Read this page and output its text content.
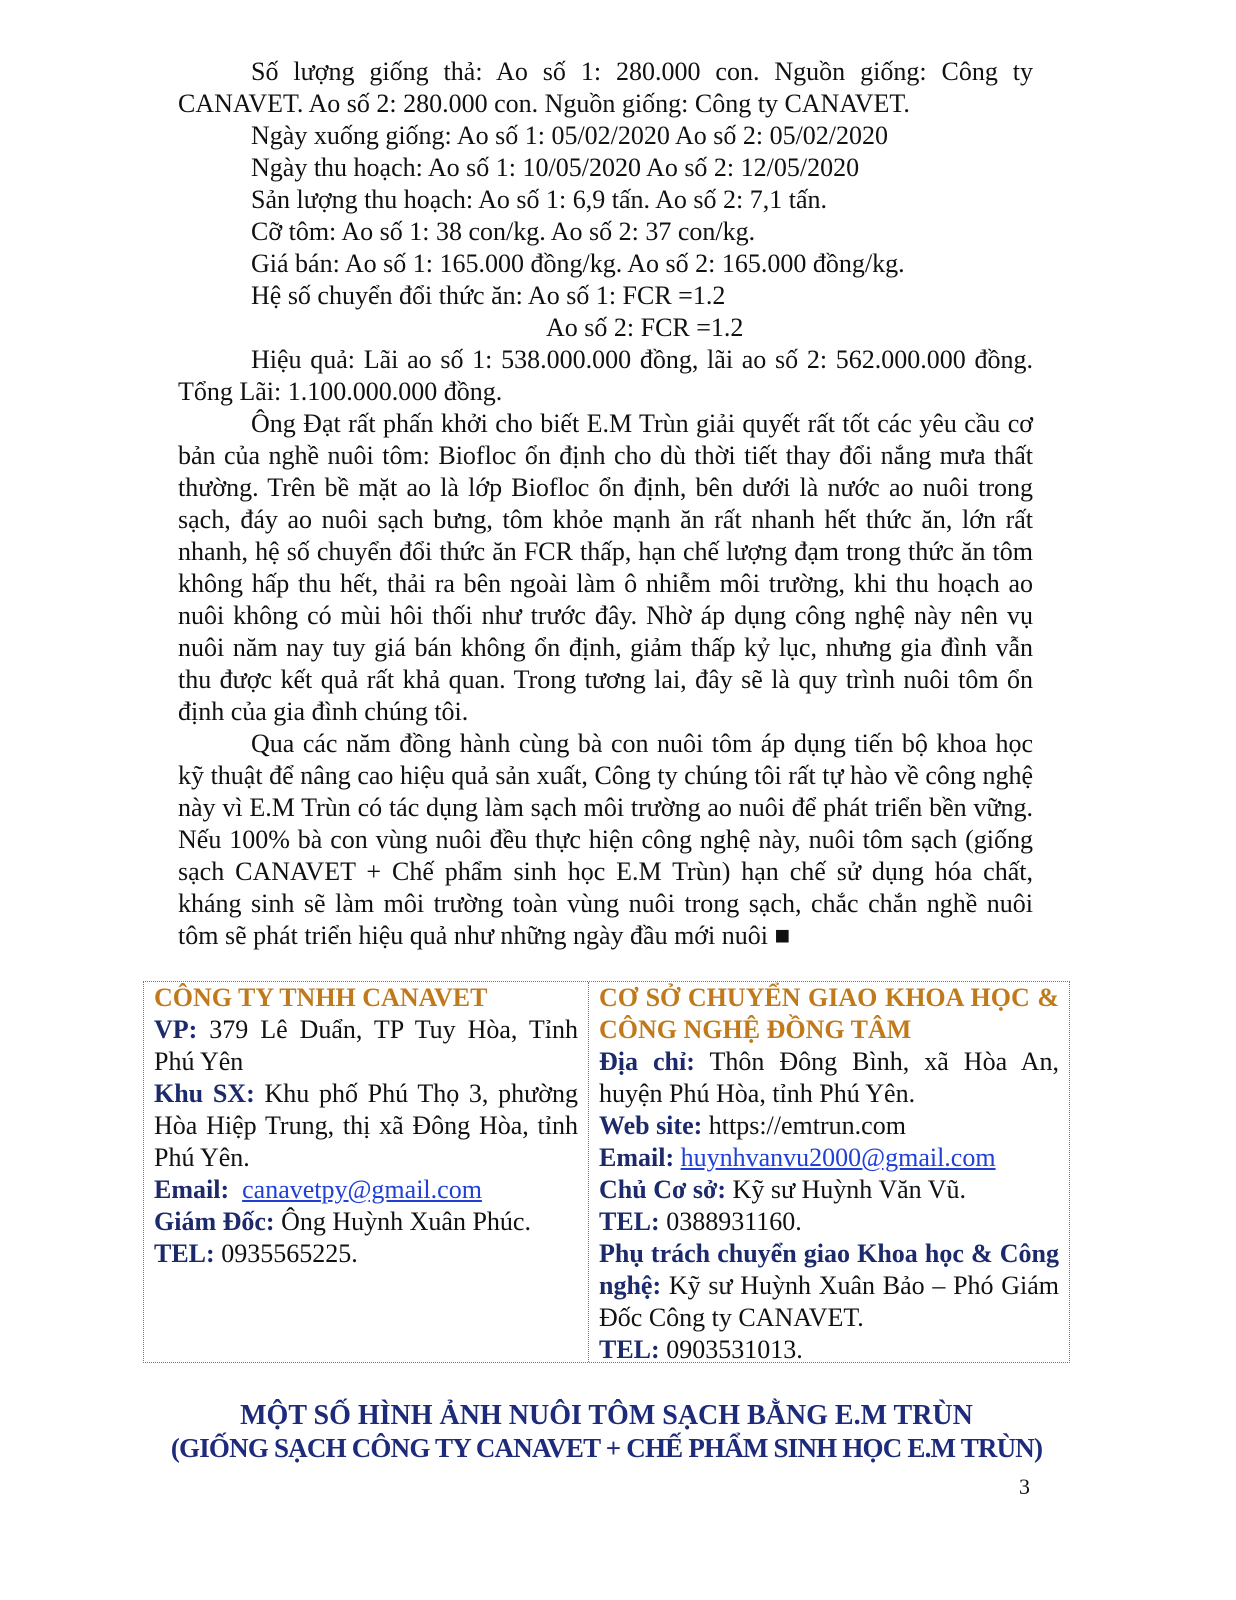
Số lượng giống thả: Ao số 1: 280.000 con. Nguồn giống: Công ty CANAVET. Ao số 2: 280.000 con. Nguồn giống: Công ty CANAVET.

Ngày xuống giống: Ao số 1: 05/02/2020 Ao số 2: 05/02/2020

Ngày thu hoạch: Ao số 1: 10/05/2020 Ao số 2: 12/05/2020

Sản lượng thu hoạch: Ao số 1: 6,9 tấn. Ao số 2: 7,1 tấn.

Cỡ tôm: Ao số 1: 38 con/kg. Ao số 2: 37 con/kg.

Giá bán: Ao số 1: 165.000 đồng/kg. Ao số 2: 165.000 đồng/kg.

Hệ số chuyển đổi thức ăn: Ao số 1: FCR =1.2

Ao số 2: FCR =1.2

Hiệu quả: Lãi ao số 1: 538.000.000 đồng, lãi ao số 2: 562.000.000 đồng. Tổng Lãi: 1.100.000.000 đồng.

Ông Đạt rất phấn khởi cho biết E.M Trùn giải quyết rất tốt các yêu cầu cơ bản của nghề nuôi tôm: Biofloc ổn định cho dù thời tiết thay đổi nắng mưa thất thường. Trên bề mặt ao là lớp Biofloc ổn định, bên dưới là nước ao nuôi trong sạch, đáy ao nuôi sạch bưng, tôm khỏe mạnh ăn rất nhanh hết thức ăn, lớn rất nhanh, hệ số chuyển đổi thức ăn FCR thấp, hạn chế lượng đạm trong thức ăn tôm không hấp thu hết, thải ra bên ngoài làm ô nhiễm môi trường, khi thu hoạch ao nuôi không có mùi hôi thối như trước đây. Nhờ áp dụng công nghệ này nên vụ nuôi năm nay tuy giá bán không ổn định, giảm thấp kỷ lục, nhưng gia đình vẫn thu được kết quả rất khả quan. Trong tương lai, đây sẽ là quy trình nuôi tôm ổn định của gia đình chúng tôi.

Qua các năm đồng hành cùng bà con nuôi tôm áp dụng tiến bộ khoa học kỹ thuật để nâng cao hiệu quả sản xuất, Công ty chúng tôi rất tự hào về công nghệ này vì E.M Trùn có tác dụng làm sạch môi trường ao nuôi để phát triển bền vững. Nếu 100% bà con vùng nuôi đều thực hiện công nghệ này, nuôi tôm sạch (giống sạch CANAVET + Chế phẩm sinh học E.M Trùn) hạn chế sử dụng hóa chất, kháng sinh sẽ làm môi trường toàn vùng nuôi trong sạch, chắc chắn nghề nuôi tôm sẽ phát triển hiệu quả như những ngày đầu mới nuôi ■

CÔNG TY TNHH CANAVET

VP: 379 Lê Duẩn, TP Tuy Hòa, Tỉnh Phú Yên

Khu SX: Khu phố Phú Thọ 3, phường Hòa Hiệp Trung, thị xã Đông Hòa, tỉnh Phú Yên.

Email: canavetpy@gmail.com

Giám Đốc: Ông Huỳnh Xuân Phúc.

TEL: 0935565225.

CƠ SỞ CHUYỂN GIAO KHOA HỌC & CÔNG NGHỆ ĐỒNG TÂM

Địa chỉ: Thôn Đông Bình, xã Hòa An, huyện Phú Hòa, tỉnh Phú Yên.

Web site: https://emtrun.com

Email: huynhvanvu2000@gmail.com

Chủ Cơ sở: Kỹ sư Huỳnh Văn Vũ.

TEL: 0388931160.

Phụ trách chuyển giao Khoa học & Công nghệ: Kỹ sư Huỳnh Xuân Bảo – Phó Giám Đốc Công ty CANAVET.

TEL: 0903531013.

MỘT SỐ HÌNH ẢNH NUÔI TÔM SẠCH BẰNG E.M TRÙN
(GIỐNG SẠCH CÔNG TY CANAVET + CHẾ PHẨM SINH HỌC E.M TRÙN)
3
